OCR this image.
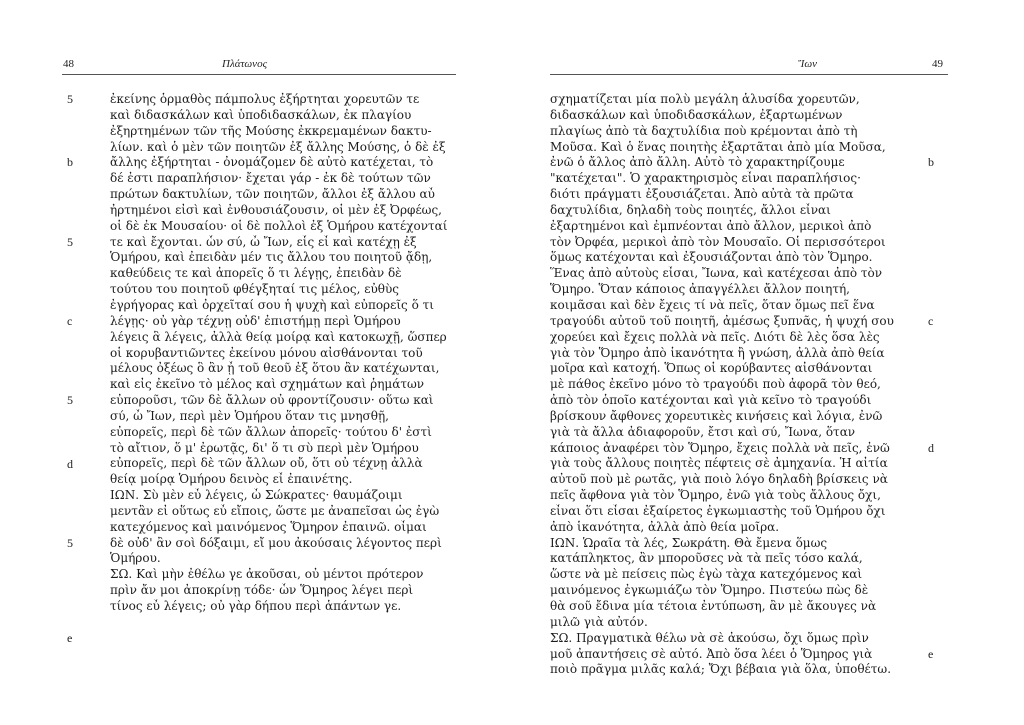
48	Πλάτωνος
5
b
5
c
5
d
5
e
ἐκείνης ὁρμαθὸς πάμπολυς ἐξήρτηται χορευτῶν τε
καὶ διδασκάλων καὶ ὑποδιδασκάλων, ἐκ πλαγίου
ἐξηρτημένων τῶν τῆς Μούσης ἐκκρεμαμένων δακτυ-
λίων. καὶ ὁ μὲν τῶν ποιητῶν ἐξ ἄλλης Μούσης, ὁ δὲ ἐξ
ἄλλης ἐξήρτηται - ὀνομάζομεν δὲ αὐτὸ κατέχεται, τὸ
δέ ἐστι παραπλήσιον· ἔχεται γάρ - ἐκ δὲ τούτων τῶν
πρώτων δακτυλίων, τῶν ποιητῶν, ἄλλοι ἐξ ἄλλου αὖ
ἠρτημένοι εἰσὶ καὶ ἐνθουσιάζουσιν, οἱ μὲν ἐξ Ὀρφέως,
οἱ δὲ ἐκ Μουσαίου· οἱ δὲ πολλοὶ ἐξ Ὁμήρου κατέχονταί
τε καὶ ἔχονται. ὧν σύ, ὦ Ἴων, εἷς εἶ καὶ κατέχῃ ἐξ
Ὁμήρου, καὶ ἐπειδὰν μέν τις ἄλλου του ποιητοῦ ᾄδῃ,
καθεύδεις τε καὶ ἀπορεῖς ὅ τι λέγῃς, ἐπειδὰν δὲ
τούτου του ποιητοῦ φθέγξηταί τις μέλος, εὐθὺς
ἐγρήγορας καὶ ὀρχεῖταί σου ἡ ψυχὴ καὶ εὐπορεῖς ὅ τι
λέγῃς· οὐ γὰρ τέχνῃ οὐδ' ἐπιστήμῃ περὶ Ὁμήρου
λέγεις ἃ λέγεις, ἀλλὰ θείᾳ μοίρᾳ καὶ κατοκωχῇ, ὥσπερ
οἱ κορυβαντιῶντες ἐκείνου μόνου αἰσθάνονται τοῦ
μέλους ὀξέως ὃ ἂν ᾖ τοῦ θεοῦ ἐξ ὅτου ἂν κατέχωνται,
καὶ εἰς ἐκεῖνο τὸ μέλος καὶ σχημάτων καὶ ῥημάτων
εὐποροῦσι, τῶν δὲ ἄλλων οὐ φροντίζουσιν· οὕτω καὶ
σύ, ὦ Ἴων, περὶ μὲν Ὁμήρου ὅταν τις μνησθῇ,
εὐπορεῖς, περὶ δὲ τῶν ἄλλων ἀπορεῖς· τούτου δ' ἐστὶ
τὸ αἴτιον, ὅ μ' ἐρωτᾷς, δι' ὅ τι σὺ περὶ μὲν Ὁμήρου
εὐπορεῖς, περὶ δὲ τῶν ἄλλων οὔ, ὅτι οὐ τέχνῃ ἀλλὰ
θείᾳ μοίρᾳ Ὁμήρου δεινὸς εἶ ἐπαινέτης.
ΙΩΝ. Σὺ μὲν εὖ λέγεις, ὦ Σώκρατες· θαυμάζοιμι
μεντἂν εἰ οὕτως εὖ εἴποις, ὥστε με ἀναπεῖσαι ὡς ἐγὼ
κατεχόμενος καὶ μαινόμενος Ὅμηρον ἐπαινῶ. οἶμαι
δὲ οὐδ' ἂν σοὶ δόξαιμι, εἴ μου ἀκούσαις λέγοντος περὶ
Ὁμήρου.
ΣΩ. Καὶ μὴν ἐθέλω γε ἀκοῦσαι, οὐ μέντοι πρότερον
πρὶν ἄν μοι ἀποκρίνῃ τόδε· ὧν Ὅμηρος λέγει περὶ
τίνος εὖ λέγεις; οὐ γὰρ δήπου περὶ ἁπάντων γε.
Ἴων	49
b
c
d
e
σχηματίζεται μία πολὺ μεγάλη ἁλυσίδα χορευτῶν,
διδασκάλων καὶ ὑποδιδασκάλων, ἐξαρτωμένων
πλαγίως ἀπὸ τὰ δαχτυλίδια ποὺ κρέμονται ἀπὸ τὴ
Μοῦσα. Καὶ ὁ ἕνας ποιητὴς ἐξαρτᾶται ἀπὸ μία Μοῦσα,
ἐνῶ ὁ ἄλλος ἀπὸ ἄλλη. Αὐτὸ τὸ χαρακτηρίζουμε
"κατέχεται". Ὁ χαρακτηρισμὸς εἶναι παραπλήσιος·
διότι πράγματι ἐξουσιάζεται. Ἀπὸ αὐτὰ τὰ πρῶτα
δαχτυλίδια, δηλαδὴ τοὺς ποιητές, ἄλλοι εἶναι
ἐξαρτημένοι καὶ ἐμπνέονται ἀπὸ ἄλλον, μερικοὶ ἀπὸ
τὸν Ὀρφέα, μερικοὶ ἀπὸ τὸν Μουσαῖο. Οἱ περισσότεροι
ὅμως κατέχονται καὶ ἐξουσιάζονται ἀπὸ τὸν Ὅμηρο.
Ἕνας ἀπὸ αὐτοὺς εἶσαι, Ἴωνα, καὶ κατέχεσαι ἀπὸ τὸν
Ὅμηρο. Ὅταν κάποιος ἀπαγγέλλει ἄλλον ποιητή,
κοιμᾶσαι καὶ δὲν ἔχεις τί νὰ πεῖς, ὅταν ὅμως πεῖ ἕνα
τραγούδι αὐτοῦ τοῦ ποιητῆ, ἀμέσως ξυπνᾶς, ἡ ψυχή σου
χορεύει καὶ ἔχεις πολλὰ νὰ πεῖς. Διότι δὲ λὲς ὅσα λὲς
γιὰ τὸν Ὅμηρο ἀπὸ ἱκανότητα ἢ γνώση, ἀλλὰ ἀπὸ θεία
μοῖρα καὶ κατοχή. Ὅπως οἱ κορύβαντες αἰσθάνονται
μὲ πάθος ἐκεῖνο μόνο τὸ τραγούδι ποὺ ἀφορᾶ τὸν θεό,
ἀπὸ τὸν ὁποῖο κατέχονται καὶ γιὰ κεῖνο τὸ τραγούδι
βρίσκουν ἄφθονες χορευτικὲς κινήσεις καὶ λόγια, ἐνῶ
γιὰ τὰ ἄλλα ἀδιαφοροῦν, ἔτσι καὶ σύ, Ἴωνα, ὅταν
κάποιος ἀναφέρει τὸν Ὅμηρο, ἔχεις πολλὰ νὰ πεῖς, ἐνῶ
γιὰ τοὺς ἄλλους ποιητὲς πέφτεις σὲ ἀμηχανία. Ἡ αἰτία
αὐτοῦ ποὺ μὲ ρωτᾶς, γιὰ ποιὸ λόγο δηλαδὴ βρίσκεις νὰ
πεῖς ἄφθονα γιὰ τὸν Ὅμηρο, ἐνῶ γιὰ τοὺς ἄλλους ὄχι,
εἶναι ὅτι εἶσαι ἐξαίρετος ἐγκωμιαστὴς τοῦ Ὁμήρου ὄχι
ἀπὸ ἱκανότητα, ἀλλὰ ἀπὸ θεία μοῖρα.
ΙΩΝ. Ὡραῖα τὰ λές, Σωκράτη. Θὰ ἔμενα ὅμως
κατάπληκτος, ἂν μποροῦσες νὰ τὰ πεῖς τόσο καλά,
ὥστε νὰ μὲ πείσεις πὼς ἐγὼ τὰχα κατεχόμενος καὶ
μαινόμενος ἐγκωμιάζω τὸν Ὅμηρο. Πιστεύω πὼς δὲ
θὰ σοῦ ἔδινα μία τέτοια ἐντύπωση, ἂν μὲ ἄκουγες νὰ
μιλῶ γιὰ αὐτόν.
ΣΩ. Πραγματικὰ θέλω νὰ σὲ ἀκούσω, ὄχι ὅμως πρὶν
μοῦ ἀπαντήσεις σὲ αὐτό. Ἀπὸ ὅσα λέει ὁ Ὅμηρος γιὰ
ποιὸ πρᾶγμα μιλᾶς καλά; Ὄχι βέβαια γιὰ ὅλα, ὑποθέτω.
